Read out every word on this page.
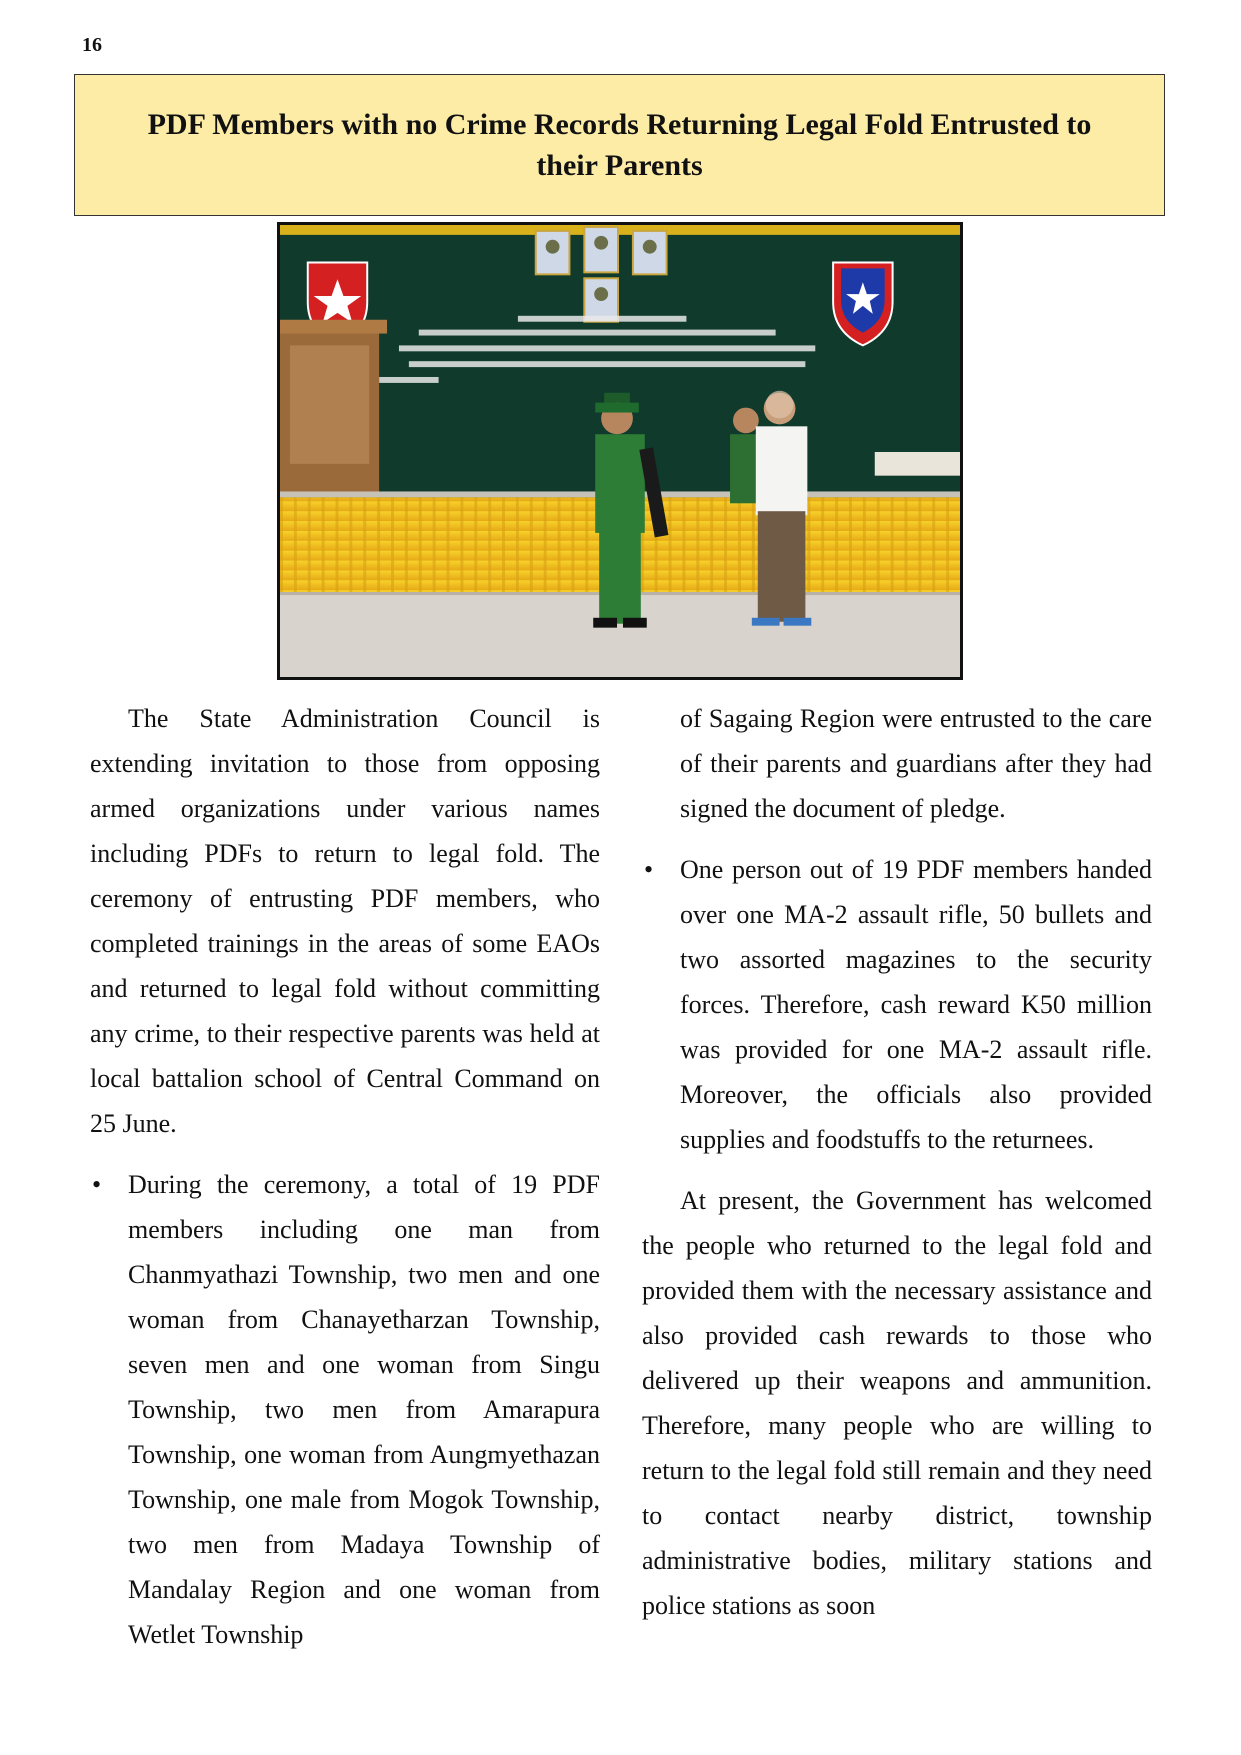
16
PDF Members with no Crime Records Returning Legal Fold Entrusted to their Parents

The State Administration Council is extending invitation to those from opposing armed organizations under various names including PDFs to return to legal fold. The ceremony of entrusting PDF members, who completed trainings in the areas of some EAOs and returned to legal fold without committing any crime, to their respective parents was held at local battalion school of Central Command on 25 June.

• During the ceremony, a total of 19 PDF members including one man from Chanmyathazi Township, two men and one woman from Chanayetharzan Township, seven men and one woman from Singu Township, two men from Amarapura Township, one woman from Aungmyethazan Township, one male from Mogok Township, two men from Madaya Township of Mandalay Region and one woman from Wetlet Township

of Sagaing Region were entrusted to the care of their parents and guardians after they had signed the document of pledge.

• One person out of 19 PDF members handed over one MA-2 assault rifle, 50 bullets and two assorted magazines to the security forces. Therefore, cash reward K50 million was provided for one MA-2 assault rifle. Moreover, the officials also provided supplies and foodstuffs to the returnees.

At present, the Government has welcomed the people who returned to the legal fold and provided them with the necessary assistance and also provided cash rewards to those who delivered up their weapons and ammunition. Therefore, many people who are willing to return to the legal fold still remain and they need to contact nearby district, township administrative bodies, military stations and police stations as soon
